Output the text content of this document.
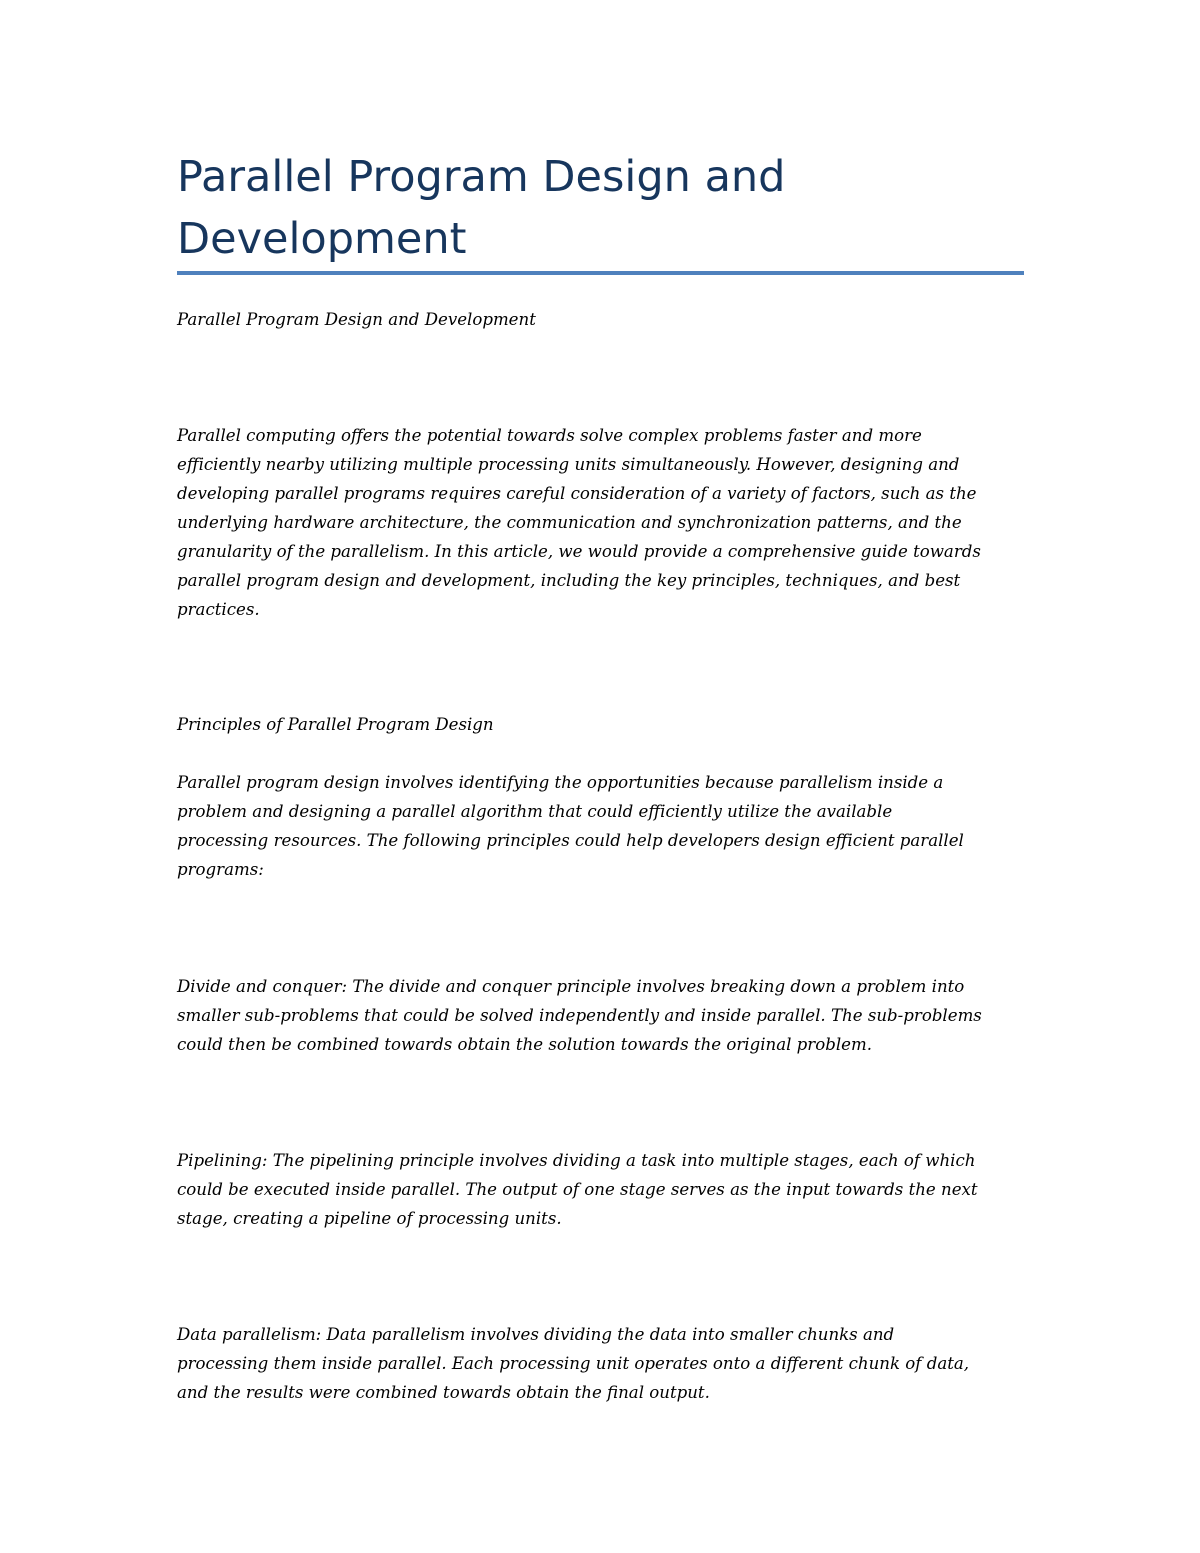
Parallel Program Design and
Development

Parallel Program Design and Development

Parallel computing offers the potential towards solve complex problems faster and more
efficiently nearby utilizing multiple processing units simultaneously. However, designing and
developing parallel programs requires careful consideration of a variety of factors, such as the
underlying hardware architecture, the communication and synchronization patterns, and the
granularity of the parallelism. In this article, we would provide a comprehensive guide towards
parallel program design and development, including the key principles, techniques, and best
practices.

Principles of Parallel Program Design

Parallel program design involves identifying the opportunities because parallelism inside a
problem and designing a parallel algorithm that could efficiently utilize the available
processing resources. The following principles could help developers design efficient parallel
programs:

Divide and conquer: The divide and conquer principle involves breaking down a problem into
smaller sub-problems that could be solved independently and inside parallel. The sub-problems
could then be combined towards obtain the solution towards the original problem.

Pipelining: The pipelining principle involves dividing a task into multiple stages, each of which
could be executed inside parallel. The output of one stage serves as the input towards the next
stage, creating a pipeline of processing units.

Data parallelism: Data parallelism involves dividing the data into smaller chunks and
processing them inside parallel. Each processing unit operates onto a different chunk of data,
and the results were combined towards obtain the final output.
